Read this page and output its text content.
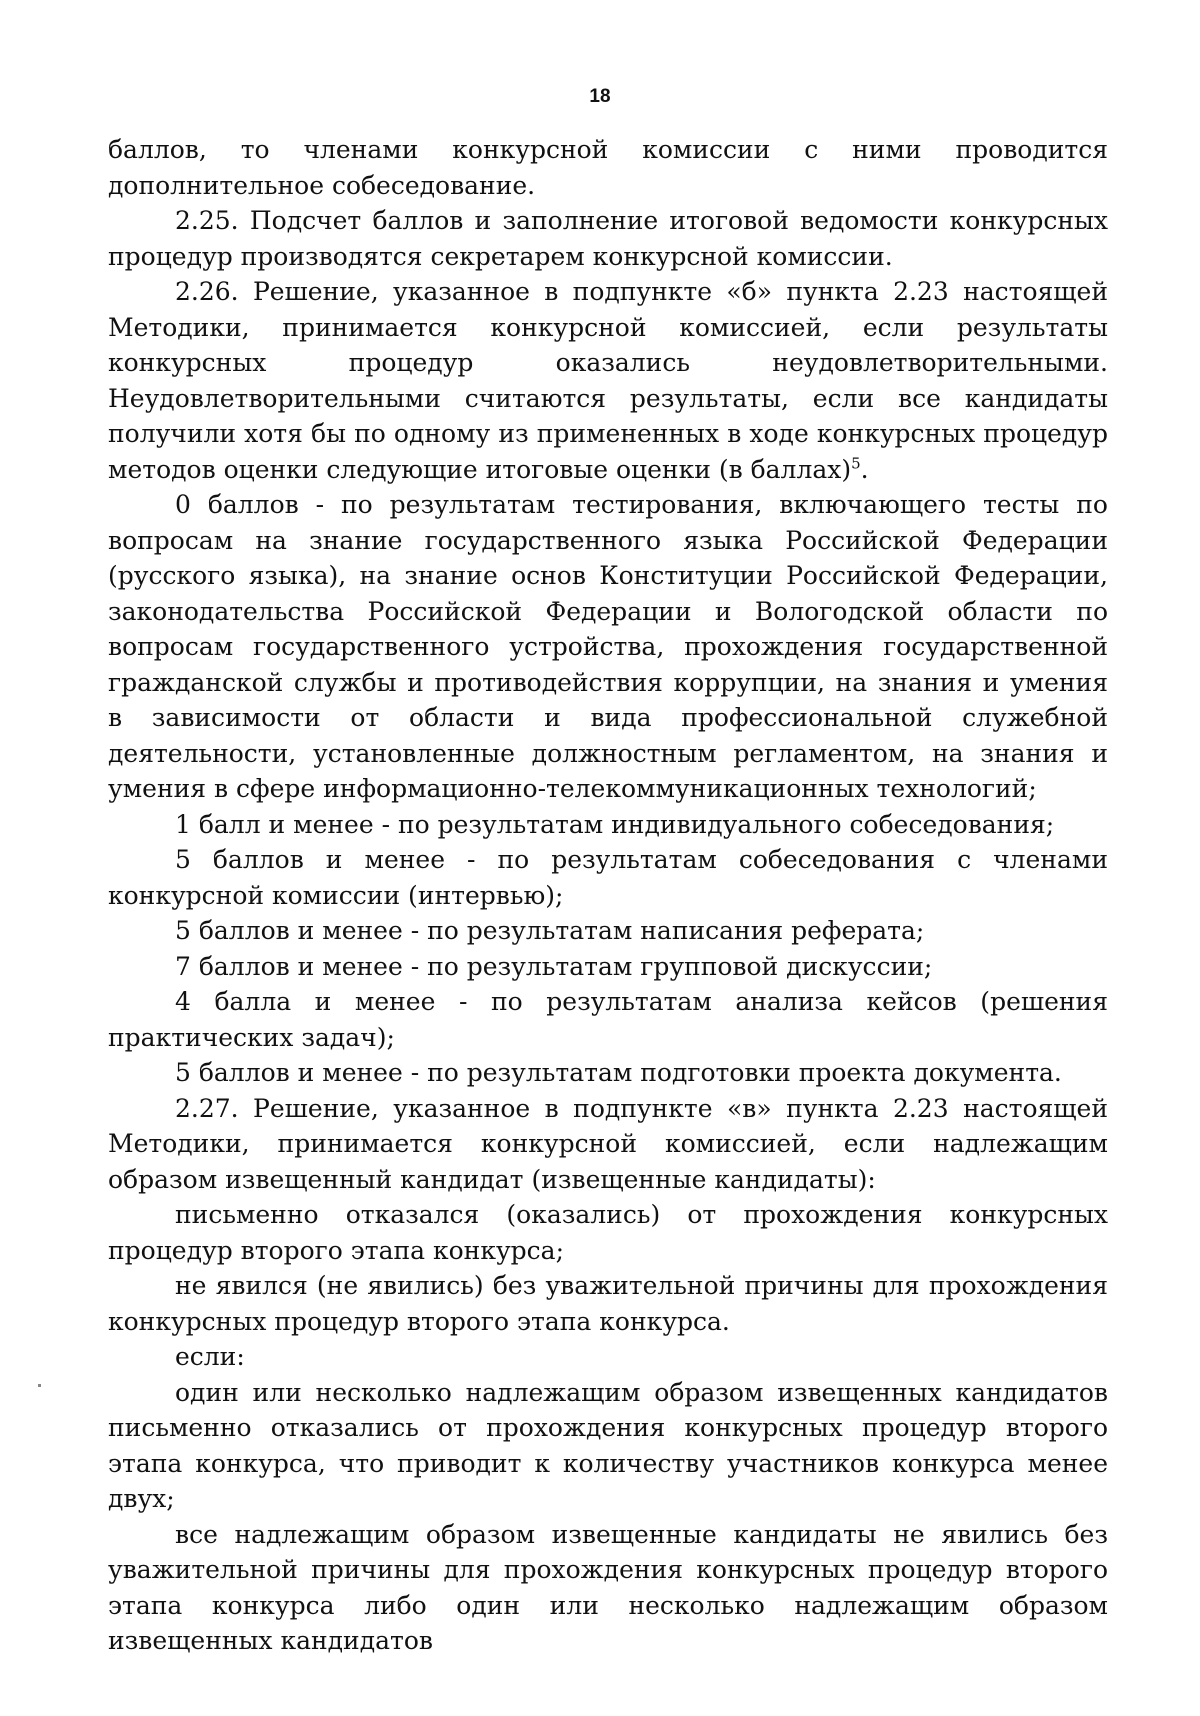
18

баллов, то членами конкурсной комиссии с ними проводится дополнительное собеседование.

2.25. Подсчет баллов и заполнение итоговой ведомости конкурсных процедур производятся секретарем конкурсной комиссии.

2.26. Решение, указанное в подпункте «б» пункта 2.23 настоящей Методики, принимается конкурсной комиссией, если результаты конкурсных процедур оказались неудовлетворительными. Неудовлетворительными считаются результаты, если все кандидаты получили хотя бы по одному из примененных в ходе конкурсных процедур методов оценки следующие итоговые оценки (в баллах)$^5$.

0 баллов - по результатам тестирования, включающего тесты по вопросам на знание государственного языка Российской Федерации (русского языка), на знание основ Конституции Российской Федерации, законодательства Российской Федерации и Вологодской области по вопросам государственного устройства, прохождения государственной гражданской службы и противодействия коррупции, на знания и умения в зависимости от области и вида профессиональной служебной деятельности, установленные должностным регламентом, на знания и умения в сфере информационно-телекоммуникационных технологий;

1 балл и менее - по результатам индивидуального собеседования;

5 баллов и менее - по результатам собеседования с членами конкурсной комиссии (интервью);

5 баллов и менее - по результатам написания реферата;

7 баллов и менее - по результатам групповой дискуссии;

4 балла и менее - по результатам анализа кейсов (решения практических задач);

5 баллов и менее - по результатам подготовки проекта документа.

2.27. Решение, указанное в подпункте «в» пункта 2.23 настоящей Методики, принимается конкурсной комиссией, если надлежащим образом извещенный кандидат (извещенные кандидаты):

письменно отказался (оказались) от прохождения конкурсных процедур второго этапа конкурса;

не явился (не явились) без уважительной причины для прохождения конкурсных процедур второго этапа конкурса.

если:

один или несколько надлежащим образом извещенных кандидатов письменно отказались от прохождения конкурсных процедур второго этапа конкурса, что приводит к количеству участников конкурса менее двух;

все надлежащим образом извещенные кандидаты не явились без уважительной причины для прохождения конкурсных процедур второго этапа конкурса либо один или несколько надлежащим образом извещенных кандидатов
